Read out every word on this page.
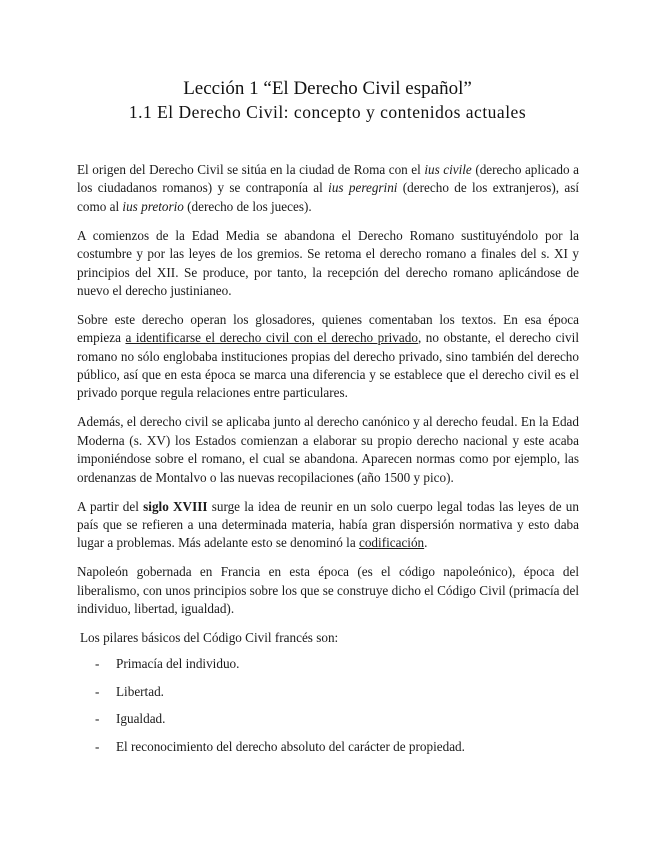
Lección 1 “El Derecho Civil español”
1.1 El Derecho Civil: concepto y contenidos actuales

El origen del Derecho Civil se sitúa en la ciudad de Roma con el ius civile (derecho aplicado a los ciudadanos romanos) y se contraponía al ius peregrini (derecho de los extranjeros), así como al ius pretorio (derecho de los jueces).

A comienzos de la Edad Media se abandona el Derecho Romano sustituyéndolo por la costumbre y por las leyes de los gremios. Se retoma el derecho romano a finales del s. XI y principios del XII. Se produce, por tanto, la recepción del derecho romano aplicándose de nuevo el derecho justinianeo.

Sobre este derecho operan los glosadores, quienes comentaban los textos. En esa época empieza a identificarse el derecho civil con el derecho privado, no obstante, el derecho civil romano no sólo englobaba instituciones propias del derecho privado, sino también del derecho público, así que en esta época se marca una diferencia y se establece que el derecho civil es el privado porque regula relaciones entre particulares.

Además, el derecho civil se aplicaba junto al derecho canónico y al derecho feudal. En la Edad Moderna (s. XV) los Estados comienzan a elaborar su propio derecho nacional y este acaba imponiéndose sobre el romano, el cual se abandona. Aparecen normas como por ejemplo, las ordenanzas de Montalvo o las nuevas recopilaciones (año 1500 y pico).

A partir del siglo XVIII surge la idea de reunir en un solo cuerpo legal todas las leyes de un país que se refieren a una determinada materia, había gran dispersión normativa y esto daba lugar a problemas. Más adelante esto se denominó la codificación.

Napoleón gobernada en Francia en esta época (es el código napoleónico), época del liberalismo, con unos principios sobre los que se construye dicho el Código Civil (primacía del individuo, libertad, igualdad).

Los pilares básicos del Código Civil francés son:

- Primacía del individuo.
- Libertad.
- Igualdad.
- El reconocimiento del derecho absoluto del carácter de propiedad.
